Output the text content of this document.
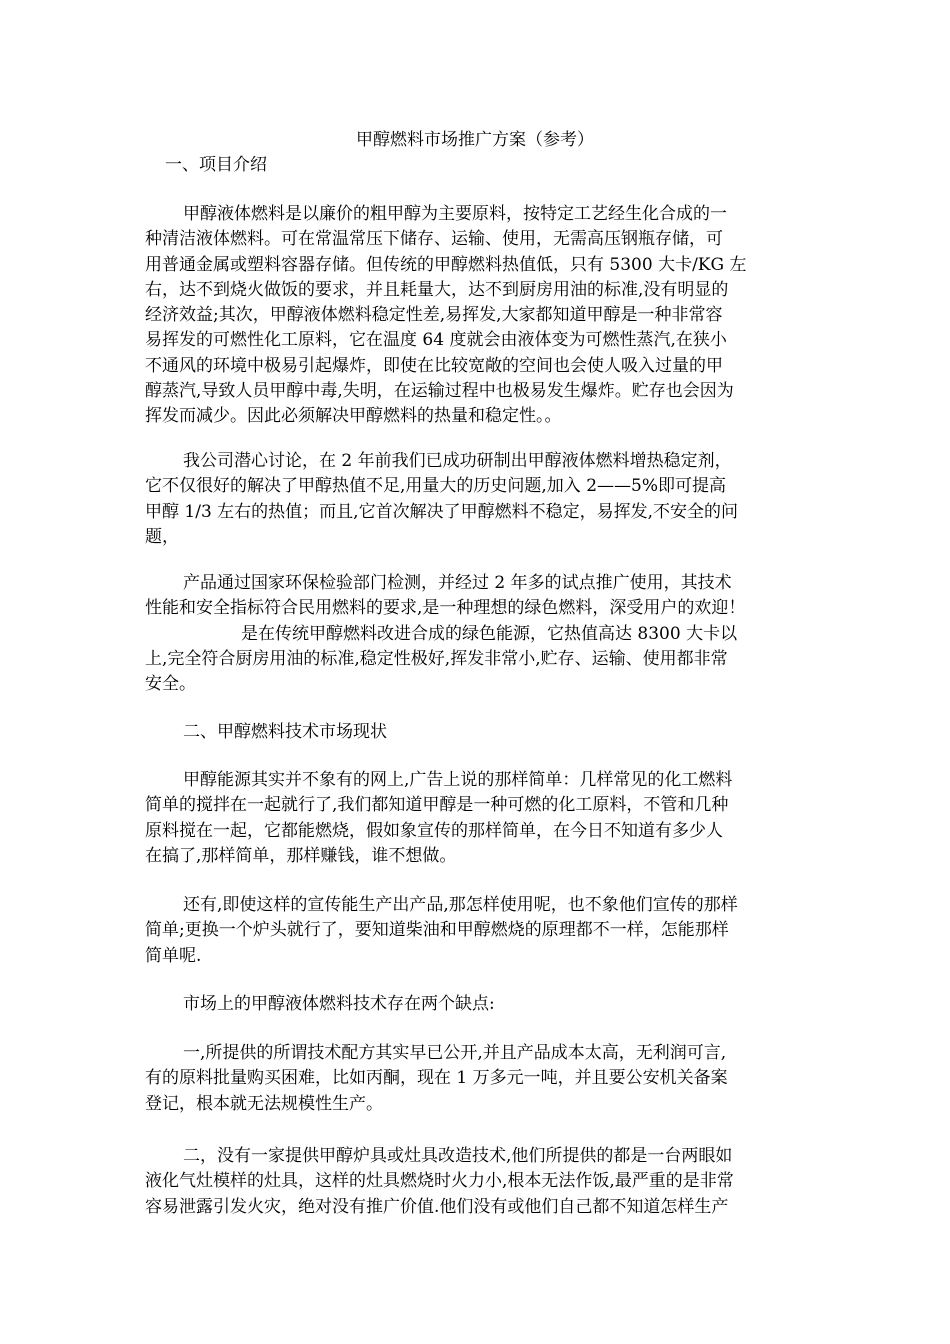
甲醇燃料市场推广方案（参考）
一、项目介绍
甲醇液体燃料是以廉价的粗甲醇为主要原料，按特定工艺经生化合成的一
种清洁液体燃料。可在常温常压下储存、运输、使用，无需高压钢瓶存储，可
用普通金属或塑料容器存储。但传统的甲醇燃料热值低，只有 5300 大卡/KG 左
右，达不到烧火做饭的要求，并且耗量大，达不到厨房用油的标准,没有明显的
经济效益;其次，甲醇液体燃料稳定性差,易挥发,大家都知道甲醇是一种非常容
易挥发的可燃性化工原料，它在温度 64 度就会由液体变为可燃性蒸汽,在狭小
不通风的环境中极易引起爆炸，即使在比较宽敞的空间也会使人吸入过量的甲
醇蒸汽,导致人员甲醇中毒,失明，在运输过程中也极易发生爆炸。贮存也会因为
挥发而减少。因此必须解决甲醇燃料的热量和稳定性。。
我公司潜心讨论，在 2 年前我们已成功研制出甲醇液体燃料增热稳定剂，
它不仅很好的解决了甲醇热值不足,用量大的历史问题,加入 2——5%即可提高
甲醇 1/3 左右的热值；而且,它首次解决了甲醇燃料不稳定，易挥发,不安全的问
题，
产品通过国家环保检验部门检测，并经过 2 年多的试点推广使用，其技术
性能和安全指标符合民用燃料的要求,是一种理想的绿色燃料，深受用户的欢迎！
是在传统甲醇燃料改进合成的绿色能源，它热值高达 8300 大卡以
上,完全符合厨房用油的标准,稳定性极好,挥发非常小,贮存、运输、使用都非常
安全。
二、甲醇燃料技术市场现状
甲醇能源其实并不象有的网上,广告上说的那样简单：几样常见的化工燃料
简单的搅拌在一起就行了,我们都知道甲醇是一种可燃的化工原料，不管和几种
原料搅在一起，它都能燃烧，假如象宣传的那样简单，在今日不知道有多少人
在搞了,那样简单，那样赚钱，谁不想做。
还有,即使这样的宣传能生产出产品,那怎样使用呢，也不象他们宣传的那样
简单;更换一个炉头就行了，要知道柴油和甲醇燃烧的原理都不一样，怎能那样
简单呢.
市场上的甲醇液体燃料技术存在两个缺点:
一,所提供的所谓技术配方其实早已公开,并且产品成本太高，无利润可言,
有的原料批量购买困难，比如丙酮，现在 1 万多元一吨，并且要公安机关备案
登记，根本就无法规模性生产。
二，没有一家提供甲醇炉具或灶具改造技术,他们所提供的都是一台两眼如
液化气灶模样的灶具，这样的灶具燃烧时火力小,根本无法作饭,最严重的是非常
容易泄露引发火灾，绝对没有推广价值.他们没有或他们自己都不知道怎样生产
